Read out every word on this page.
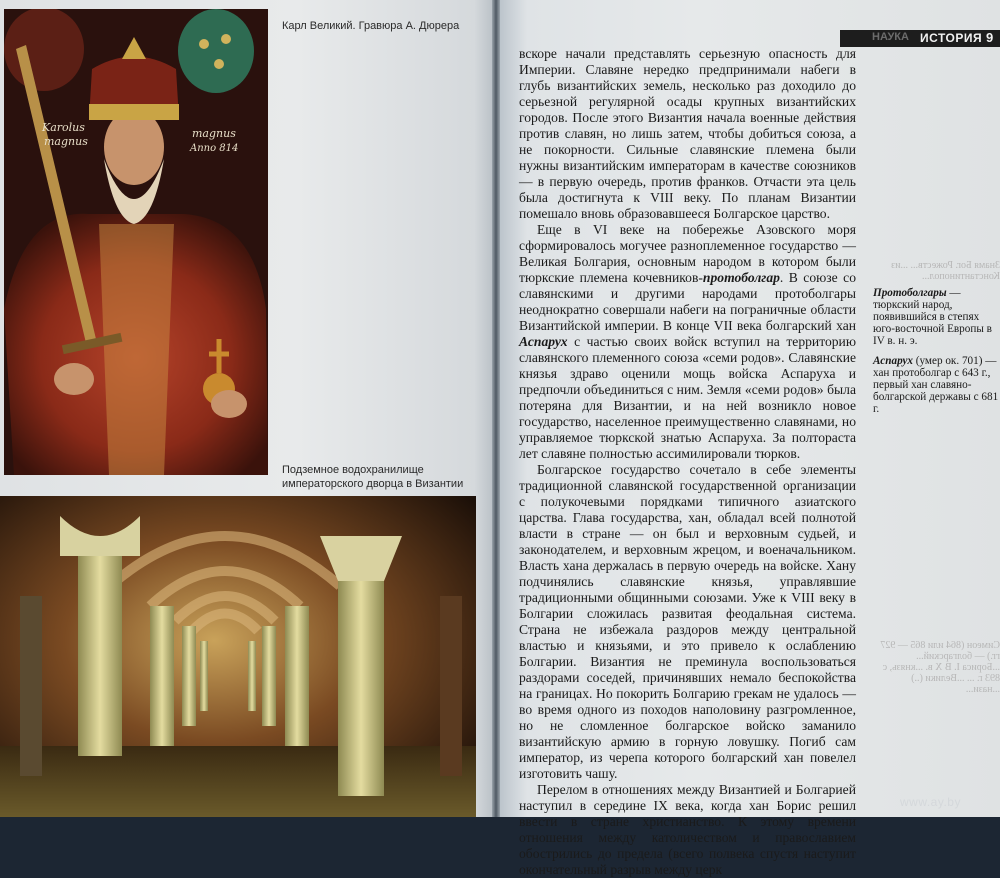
Karolus
magnus
magnus
Anno 814
Карл Великий. Гравюра А. Дюрера
Подземное водохранилище императорского дворца в Византии
НАУКА ИСТОРИЯ 9

вскоре начали представлять серьезную опасность для Империи. Славяне нередко предпринимали набеги в глубь византийских земель, несколько раз доходило до серьезной регулярной осады крупных византийских городов. После этого Византия начала военные действия против славян, но лишь затем, чтобы добиться союза, а не покорности. Сильные славянские племена были нужны византийским императорам в качестве союзников — в первую очередь, против франков. Отчасти эта цель была достигнута к VIII веку. По планам Византии помешало вновь образовавшееся Болгарское царство.

Еще в VI веке на побережье Азовского моря сформировалось могучее разноплеменное государство — Великая Болгария, основным народом в котором были тюркские племена кочевников-протоболгар. В союзе со славянскими и другими народами протоболгары неоднократно совершали набеги на пограничные области Византийской империи. В конце VII века болгарский хан Аспарух с частью своих войск вступил на территорию славянского племенного союза «семи родов». Славянские князья здраво оценили мощь войска Аспаруха и предпочли объединиться с ним. Земля «семи родов» была потеряна для Византии, и на ней возникло новое государство, населенное преимущественно славянами, но управляемое тюркской знатью Аспаруха. За полтораста лет славяне полностью ассимилировали тюрков.

Болгарское государство сочетало в себе элементы традиционной славянской государственной организации с полукочевыми порядками типичного азиатского царства. Глава государства, хан, обладал всей полнотой власти в стране — он был и верховным судьей, и законодателем, и верховным жрецом, и военачальником. Власть хана держалась в первую очередь на войске. Хану подчинялись славянские князья, управлявшие традиционными общинными союзами. Уже к VIII веку в Болгарии сложилась развитая феодальная система. Страна не избежала раздоров между центральной властью и князьями, и это привело к ослаблению Болгарии. Византия не преминула воспользоваться раздорами соседей, причинявших немало беспокойства на границах. Но покорить Болгарию грекам не удалось — во время одного из походов наполовину разгромленное, но не сломленное болгарское войско заманило византийскую армию в горную ловушку. Погиб сам император, из черепа которого болгарский хан повелел изготовить чашу.

Перелом в отношениях между Византией и Болгарией наступил в середине IX века, когда хан Борис решил ввести в стране христианство. К этому времени отношения между католичеством и православием обострились до предела (всего полвека спустя наступит окончательный разрыв между церк

Знамя Бог. Рожеств... ...из Константинопол...
Симеон (864 или 865 — 927 гг.) — болгарский... ...Бориса I. В X в. ...князь, с 893 г. ... ...Велики (..) ...нази...
Протоболгары — тюркский народ, появившийся в степях юго-восточной Европы в IV в. н. э.
Аспарух (умер ок. 701) — хан протоболгар с 643 г., первый хан славяно-болгарской державы с 681 г.
www.ay.by
